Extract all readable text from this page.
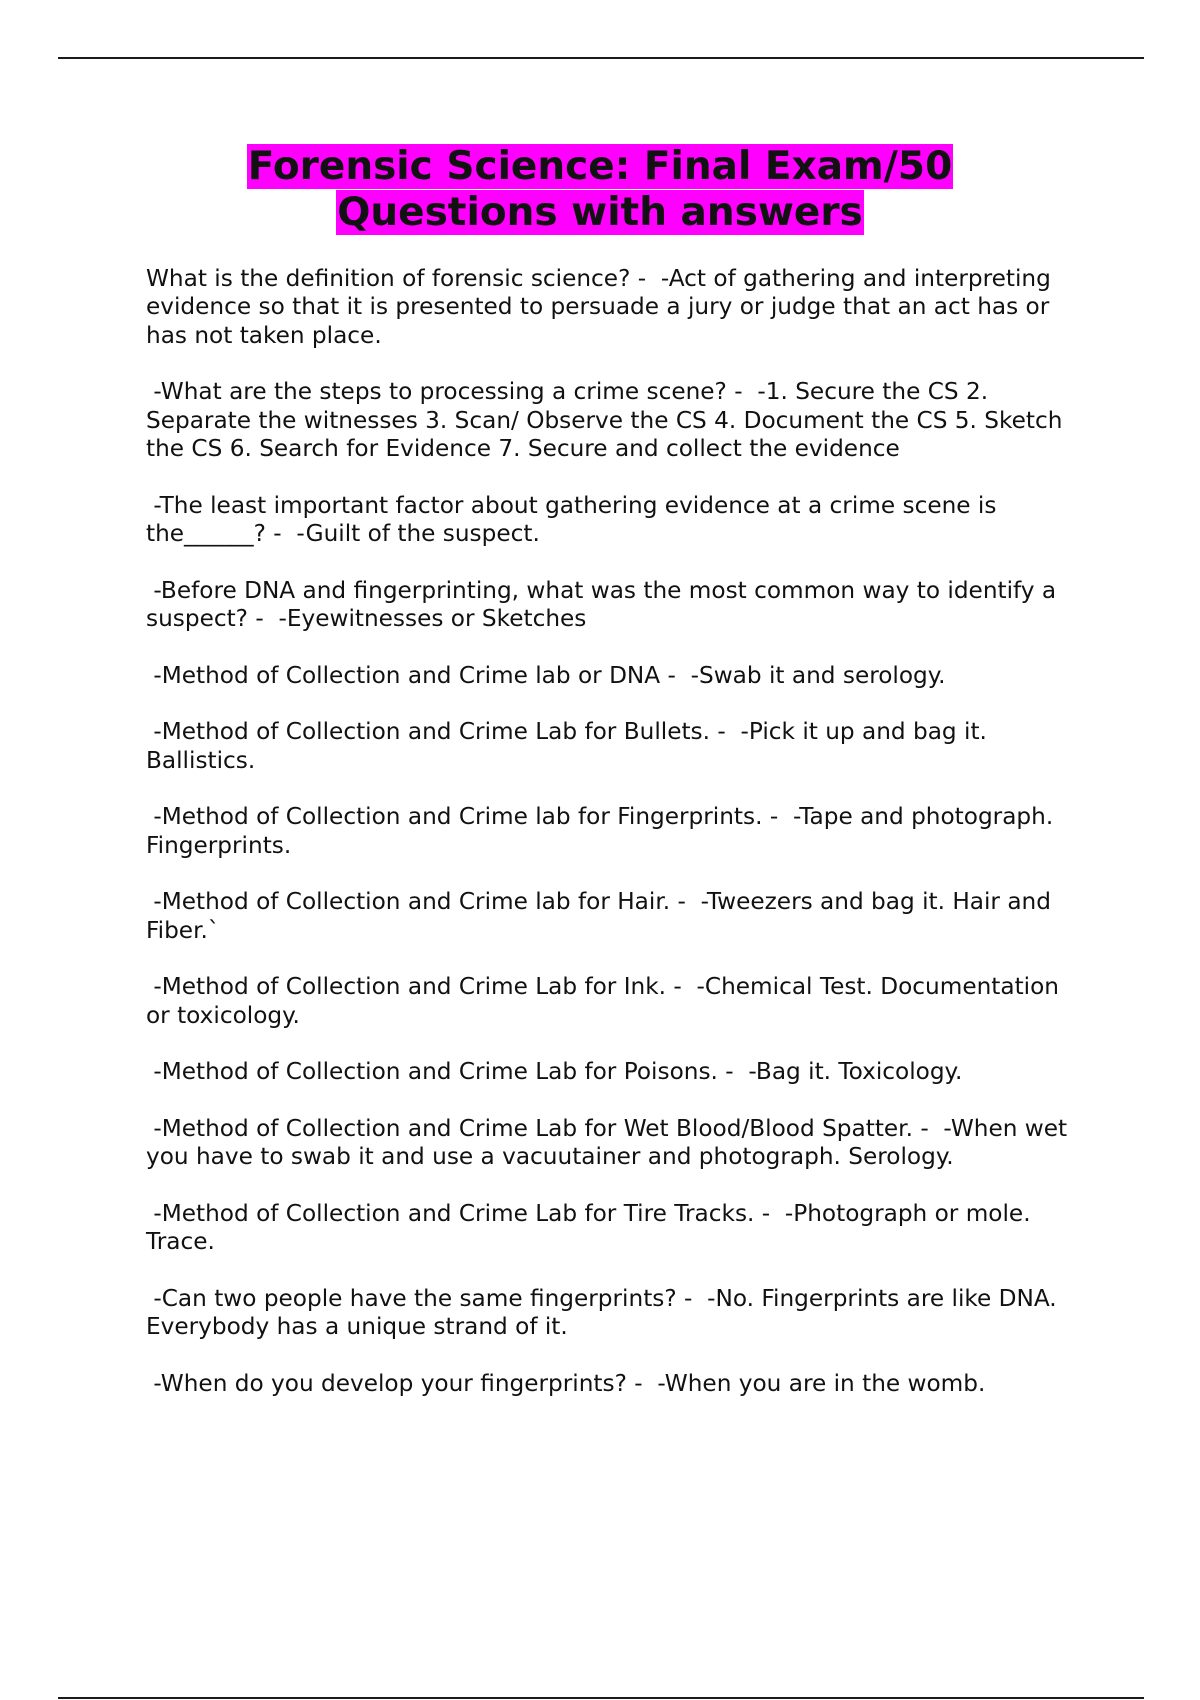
Forensic Science: Final Exam/50
Questions with answers

What is the definition of forensic science? -  -Act of gathering and interpreting evidence so that it is presented to persuade a jury or judge that an act has or has not taken place.

-What are the steps to processing a crime scene? -  -1. Secure the CS 2. Separate the witnesses 3. Scan/ Observe the CS 4. Document the CS 5. Sketch the CS 6. Search for Evidence 7. Secure and collect the evidence

-The least important factor about gathering evidence at a crime scene is the______? -  -Guilt of the suspect.

-Before DNA and fingerprinting, what was the most common way to identify a suspect? -  -Eyewitnesses or Sketches

-Method of Collection and Crime lab or DNA -  -Swab it and serology.

-Method of Collection and Crime Lab for Bullets. -  -Pick it up and bag it. Ballistics.

-Method of Collection and Crime lab for Fingerprints. -  -Tape and photograph. Fingerprints.

-Method of Collection and Crime lab for Hair. -  -Tweezers and bag it. Hair and Fiber.`

-Method of Collection and Crime Lab for Ink. -  -Chemical Test. Documentation or toxicology.

-Method of Collection and Crime Lab for Poisons. -  -Bag it. Toxicology.

-Method of Collection and Crime Lab for Wet Blood/Blood Spatter. -  -When wet you have to swab it and use a vacuutainer and photograph. Serology.

-Method of Collection and Crime Lab for Tire Tracks. -  -Photograph or mole. Trace.

-Can two people have the same fingerprints? -  -No. Fingerprints are like DNA. Everybody has a unique strand of it.

-When do you develop your fingerprints? -  -When you are in the womb.
